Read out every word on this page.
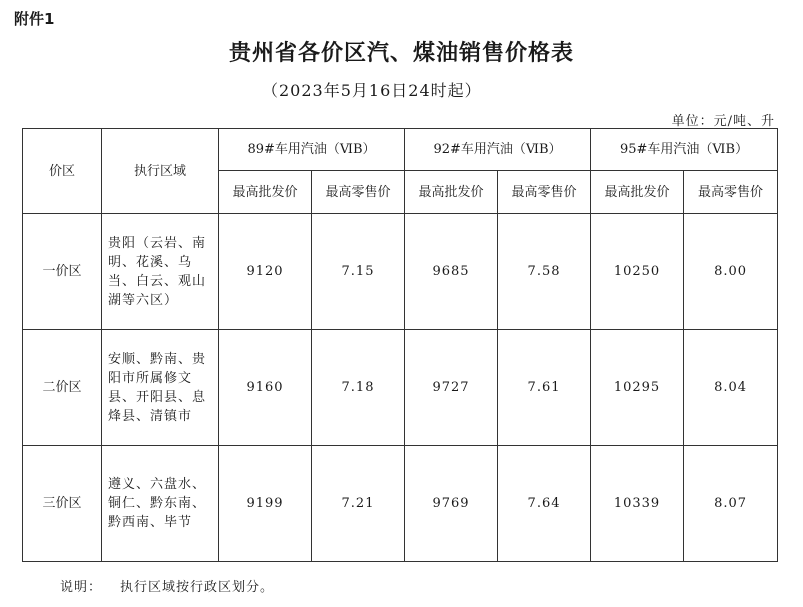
附件1
贵州省各价区汽、煤油销售价格表
（2023年5月16日24时起）
单位：元/吨、升
价区	执行区域	89#车用汽油（ⅥB）		92#车用汽油（ⅥB）		95#车用汽油（ⅥB）	
		最高批发价	最高零售价	最高批发价	最高零售价	最高批发价	最高零售价
一价区	贵阳（云岩、南明、花溪、乌当、白云、观山湖等六区）	9120	7.15	9685	7.58	10250	8.00
二价区	安顺、黔南、贵阳市所属修文县、开阳县、息烽县、清镇市	9160	7.18	9727	7.61	10295	8.04
三价区	遵义、六盘水、铜仁、黔东南、黔西南、毕节	9199	7.21	9769	7.64	10339	8.07
说明： 执行区域按行政区划分。
